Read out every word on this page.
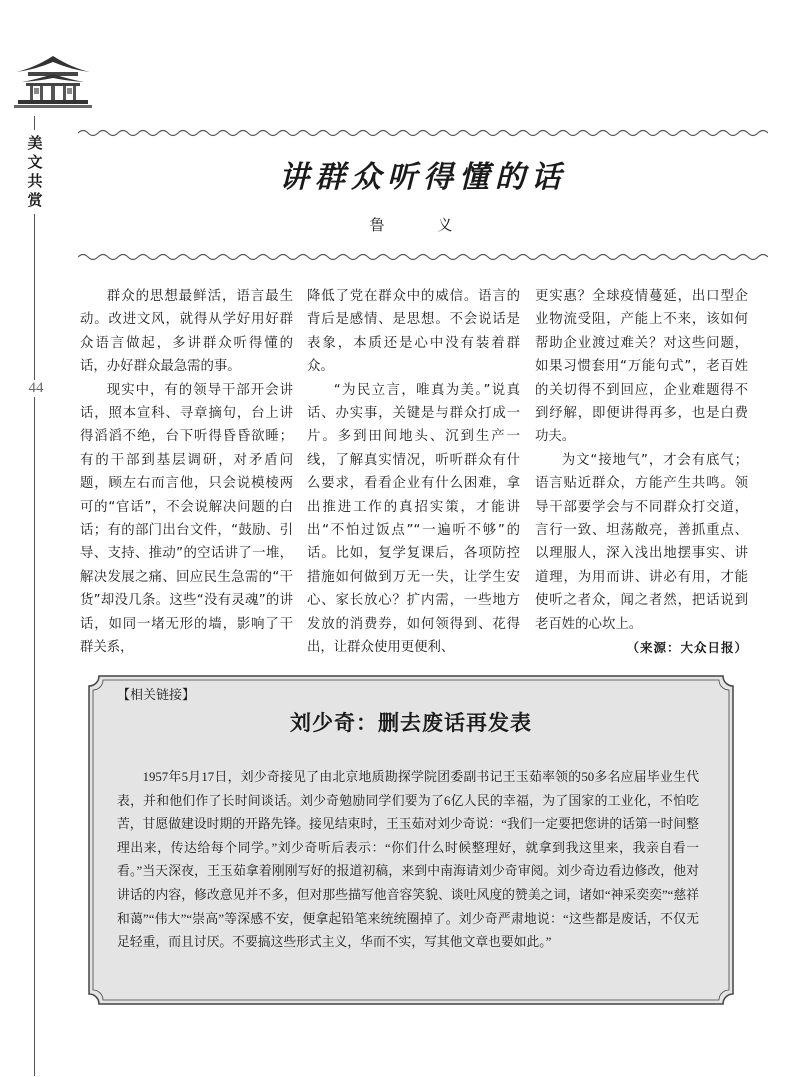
美文共赏
44
讲群众听得懂的话
鲁 义

群众的思想最鲜活，语言最生动。改进文风，就得从学好用好群众语言做起，多讲群众听得懂的话，办好群众最急需的事。

现实中，有的领导干部开会讲话，照本宣科、寻章摘句，台上讲得滔滔不绝，台下听得昏昏欲睡；有的干部到基层调研，对矛盾问题，顾左右而言他，只会说模棱两可的“官话”，不会说解决问题的白话；有的部门出台文件，“鼓励、引导、支持、推动”的空话讲了一堆，解决发展之痛、回应民生急需的“干货”却没几条。这些“没有灵魂”的讲话，如同一堵无形的墙，影响了干群关系，

降低了党在群众中的威信。语言的背后是感情、是思想。不会说话是表象，本质还是心中没有装着群众。

“为民立言，唯真为美。”说真话、办实事，关键是与群众打成一片。多到田间地头、沉到生产一线，了解真实情况，听听群众有什么要求，看看企业有什么困难，拿出推进工作的真招实策，才能讲出“不怕过饭点”“一遍听不够”的话。比如，复学复课后，各项防控措施如何做到万无一失，让学生安心、家长放心？扩内需，一些地方发放的消费券，如何领得到、花得出，让群众使用更便利、

更实惠？全球疫情蔓延，出口型企业物流受阻，产能上不来，该如何帮助企业渡过难关？对这些问题，如果习惯套用“万能句式”，老百姓的关切得不到回应，企业难题得不到纾解，即便讲得再多，也是白费功夫。

为文“接地气”，才会有底气；语言贴近群众，方能产生共鸣。领导干部要学会与不同群众打交道，言行一致、坦荡敞亮，善抓重点、以理服人，深入浅出地摆事实、讲道理，为用而讲、讲必有用，才能使听之者众，闻之者然，把话说到老百姓的心坎上。

（来源：大众日报）
【相关链接】
刘少奇：删去废话再发表

1957年5月17日，刘少奇接见了由北京地质勘探学院团委副书记王玉茹率领的50多名应届毕业生代表，并和他们作了长时间谈话。刘少奇勉励同学们要为了6亿人民的幸福，为了国家的工业化，不怕吃苦，甘愿做建设时期的开路先锋。接见结束时，王玉茹对刘少奇说：“我们一定要把您讲的话第一时间整理出来，传达给每个同学。”刘少奇听后表示：“你们什么时候整理好，就拿到我这里来，我亲自看一看。”当天深夜，王玉茹拿着刚刚写好的报道初稿，来到中南海请刘少奇审阅。刘少奇边看边修改，他对讲话的内容，修改意见并不多，但对那些描写他音容笑貌、谈吐风度的赞美之词，诸如“神采奕奕”“慈祥和蔼”“伟大”“崇高”等深感不安，便拿起铅笔来统统圈掉了。刘少奇严肃地说：“这些都是废话，不仅无足轻重，而且讨厌。不要搞这些形式主义，华而不实，写其他文章也要如此。”
